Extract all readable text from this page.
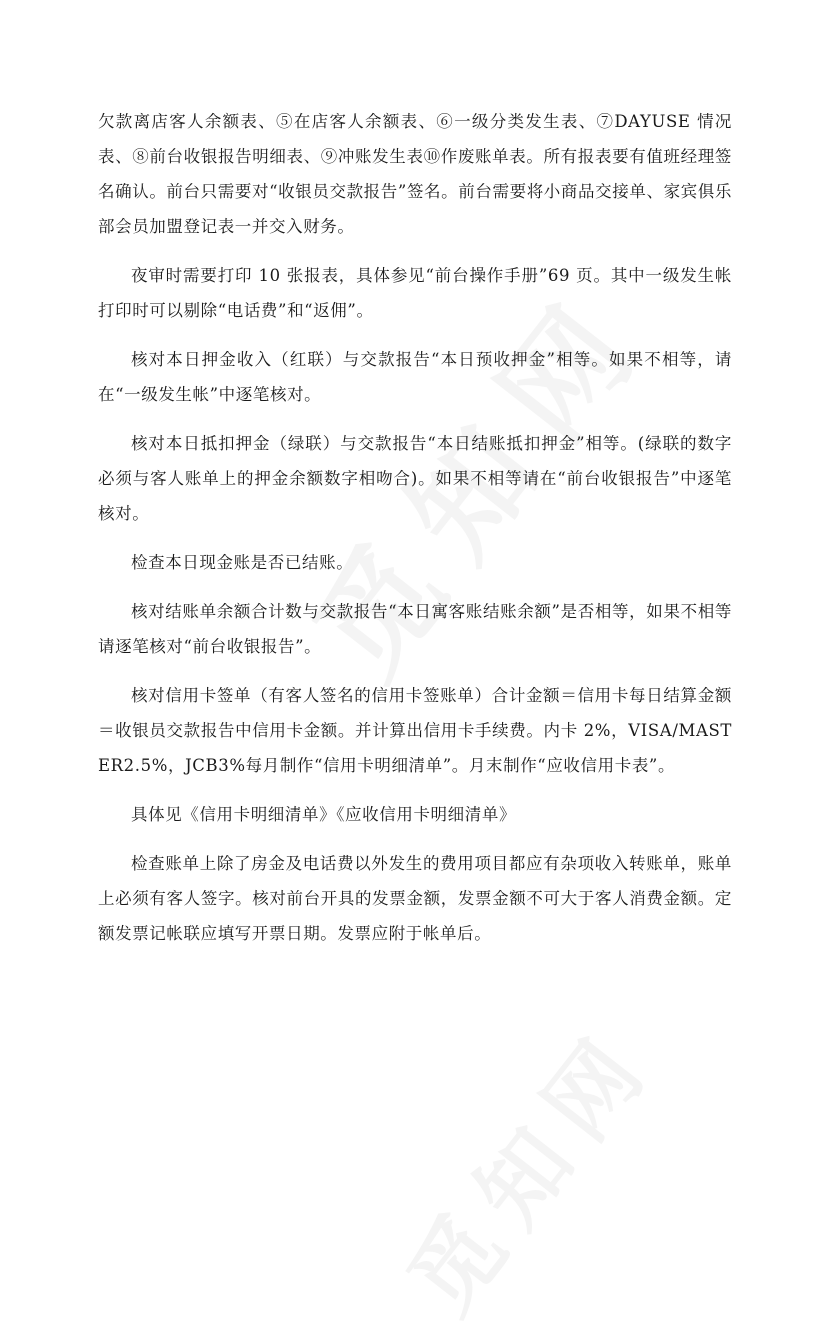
欠款离店客人余额表、⑤在店客人余额表、⑥一级分类发生表、⑦DAYUSE 情况表、⑧前台收银报告明细表、⑨冲账发生表⑩作废账单表。所有报表要有值班经理签名确认。前台只需要对“收银员交款报告”签名。前台需要将小商品交接单、家宾俱乐部会员加盟登记表一并交入财务。

夜审时需要打印 10 张报表，具体参见“前台操作手册”69 页。其中一级发生帐打印时可以剔除“电话费”和“返佣”。

核对本日押金收入（红联）与交款报告“本日预收押金”相等。如果不相等，请在“一级发生帐”中逐笔核对。

核对本日抵扣押金（绿联）与交款报告“本日结账抵扣押金”相等。(绿联的数字必须与客人账单上的押金余额数字相吻合)。如果不相等请在“前台收银报告”中逐笔核对。

检查本日现金账是否已结账。

核对结账单余额合计数与交款报告“本日寓客账结账余额”是否相等，如果不相等请逐笔核对“前台收银报告”。

核对信用卡签单（有客人签名的信用卡签账单）合计金额＝信用卡每日结算金额＝收银员交款报告中信用卡金额。并计算出信用卡手续费。内卡 2%，VISA/MASTER2.5%，JCB3%每月制作“信用卡明细清单”。月末制作“应收信用卡表”。

具体见《信用卡明细清单》《应收信用卡明细清单》

检查账单上除了房金及电话费以外发生的费用项目都应有杂项收入转账单，账单上必须有客人签字。核对前台开具的发票金额，发票金额不可大于客人消费金额。定额发票记帐联应填写开票日期。发票应附于帐单后。
